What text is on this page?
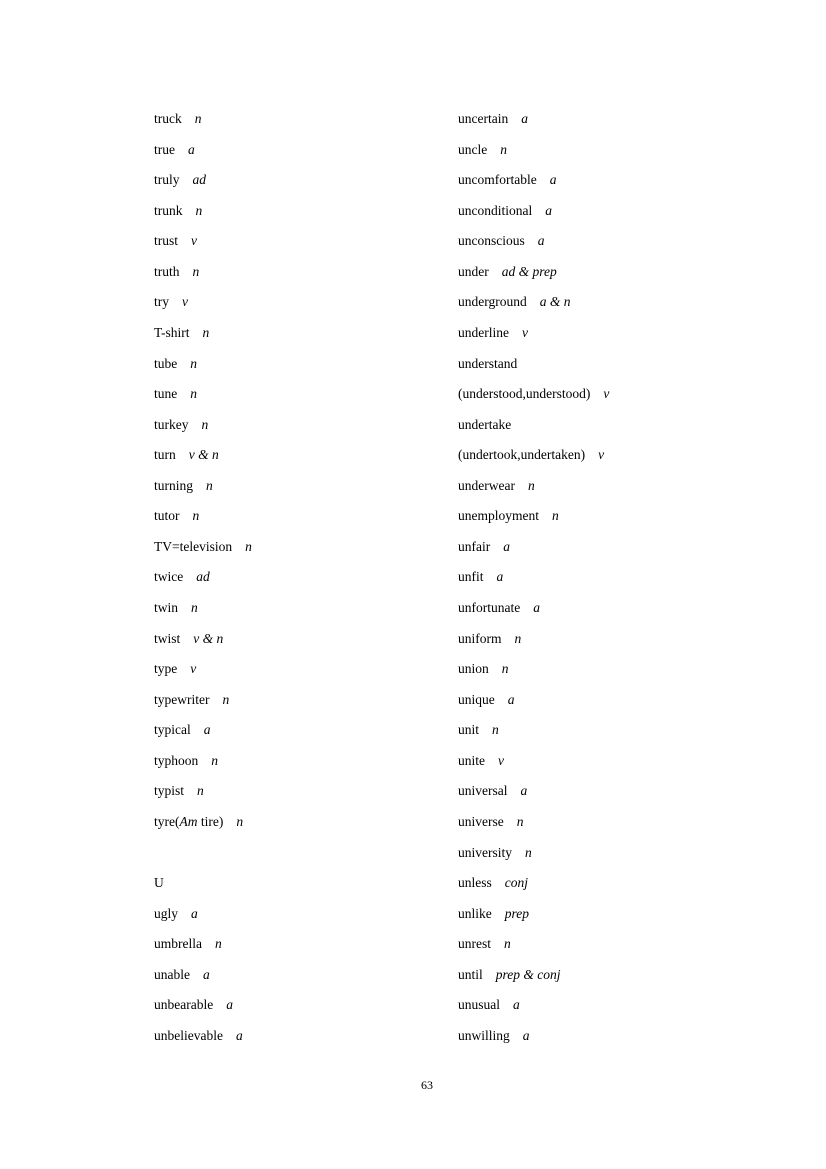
truck n
true a
truly ad
trunk n
trust v
truth n
try v
T-shirt n
tube n
tune n
turkey n
turn v & n
turning n
tutor n
TV=television n
twice ad
twin n
twist v & n
type v
typewriter n
typical a
typhoon n
typist n
tyre(Am tire) n
U
ugly a
umbrella n
unable a
unbearable a
unbelievable a
uncertain a
uncle n
uncomfortable a
unconditional a
unconscious a
under ad & prep
underground a & n
underline v
understand
(understood,understood) v
undertake
(undertook,undertaken) v
underwear n
unemployment n
unfair a
unfit a
unfortunate a
uniform n
union n
unique a
unit n
unite v
universal a
universe n
university n
unless conj
unlike prep
unrest n
until prep & conj
unusual a
unwilling a
63
